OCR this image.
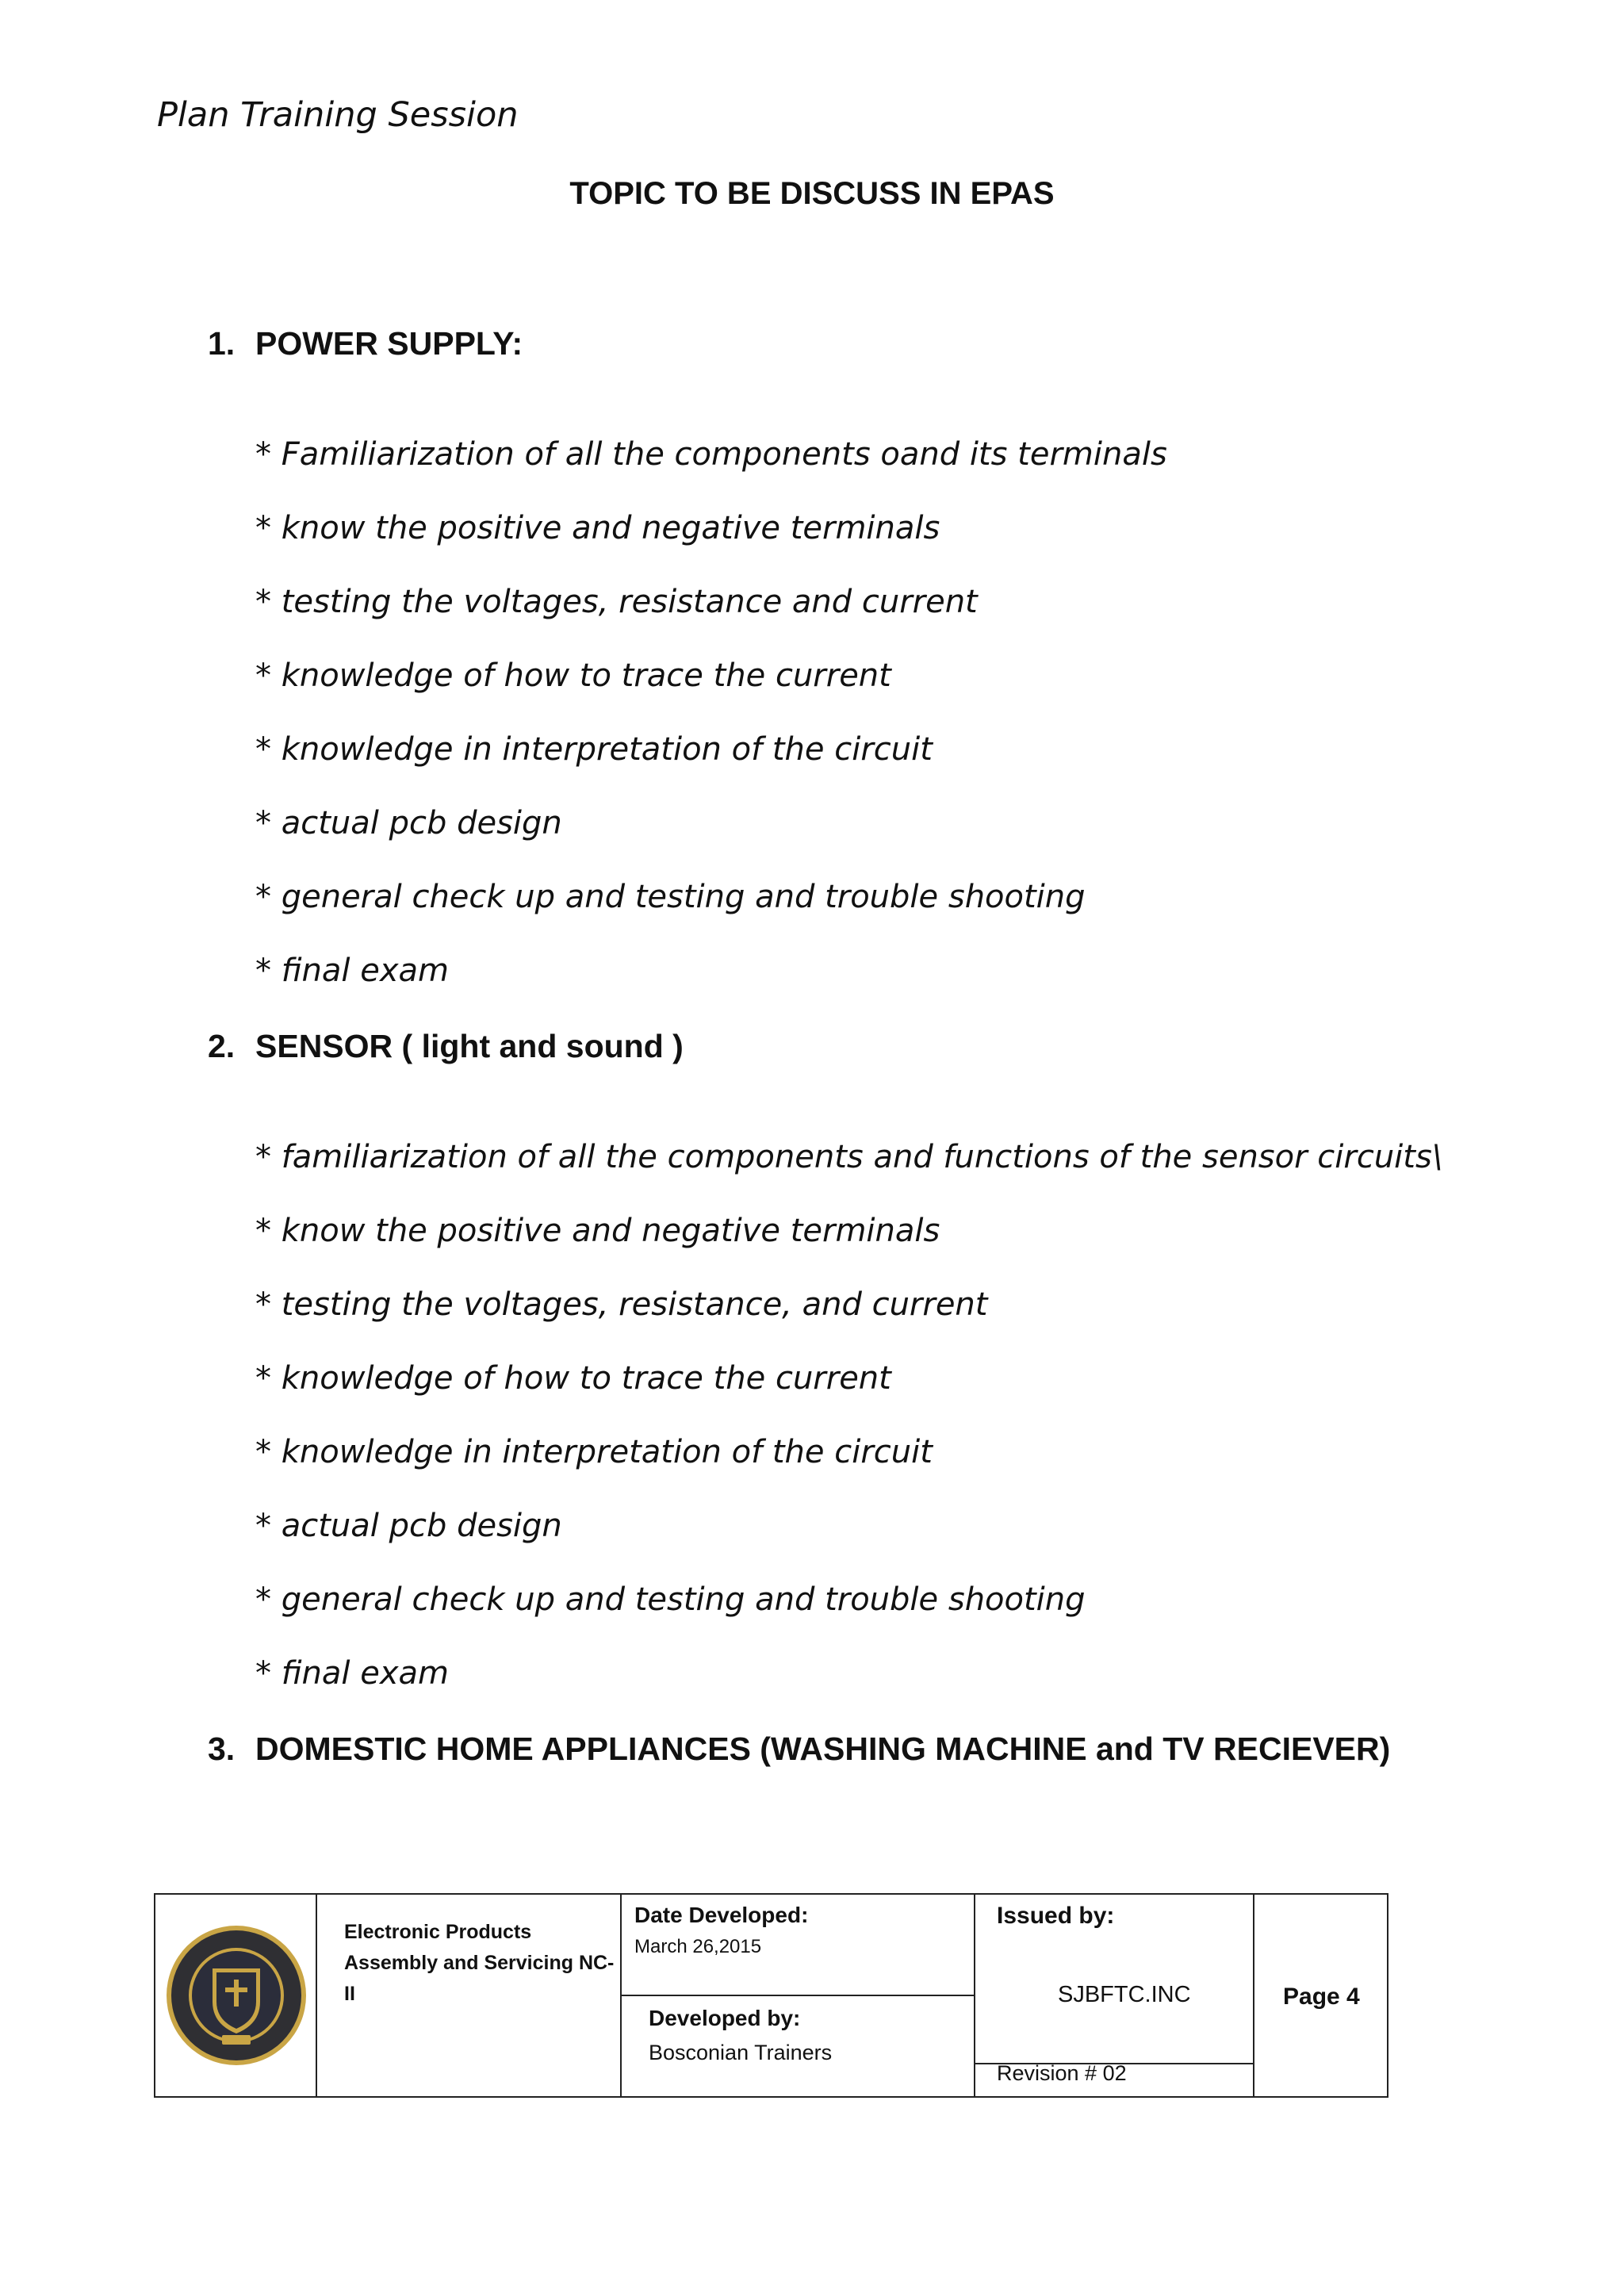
Plan Training Session
TOPIC TO BE DISCUSS IN EPAS
1. POWER SUPPLY:
* Familiarization of all the components oand its terminals
* know the positive and negative terminals
* testing the voltages, resistance and current
* knowledge of how to trace the current
* knowledge in interpretation of the circuit
* actual pcb design
* general check up and testing and trouble shooting
* final exam
2. SENSOR ( light and sound )
* familiarization of all the components and functions of the sensor circuits\
* know the positive and negative terminals
* testing the voltages, resistance, and current
* knowledge of how to trace the current
* knowledge in interpretation of the circuit
* actual pcb design
* general check up and testing and trouble shooting
* final exam
3. DOMESTIC HOME APPLIANCES (WASHING MACHINE and TV RECIEVER)
Electronic Products Assembly and Servicing NC-II
Date Developed:
March 26,2015
Developed by:
Bosconian Trainers
Issued by:
SJBFTC.INC
Revision # 02
Page 4
